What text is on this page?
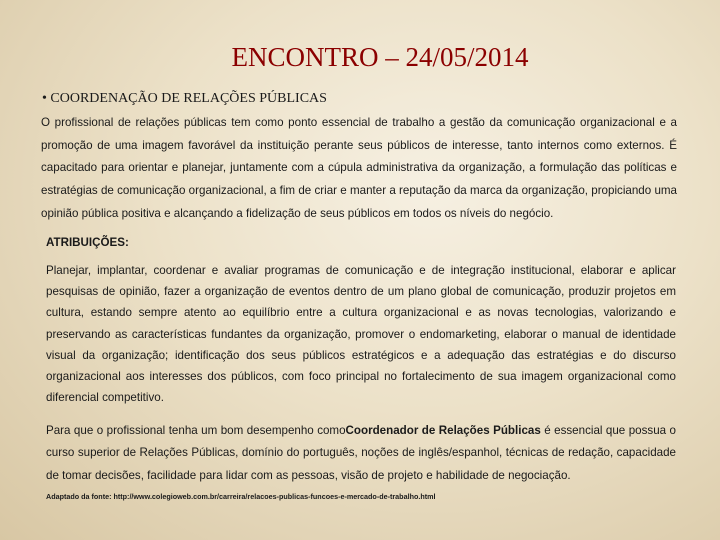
ENCONTRO – 24/05/2014

• COORDENAÇÃO DE RELAÇÕES PÚBLICAS

O profissional de relações públicas tem como ponto essencial de trabalho a gestão da comunicação organizacional e a promoção de uma imagem favorável da instituição perante seus públicos de interesse, tanto internos como externos. É capacitado para orientar e planejar, juntamente com a cúpula administrativa da organização, a formulação das políticas e estratégias de comunicação organizacional, a fim de criar e manter a reputação da marca da organização, propiciando uma opinião pública positiva e alcançando a fidelização de seus públicos em todos os níveis do negócio.

ATRIBUIÇÕES:

Planejar, implantar, coordenar e avaliar programas de comunicação e de integração institucional, elaborar e aplicar pesquisas de opinião, fazer a organização de eventos dentro de um plano global de comunicação, produzir projetos em cultura, estando sempre atento ao equilíbrio entre a cultura organizacional e as novas tecnologias, valorizando e preservando as características fundantes da organização, promover o endomarketing, elaborar o manual de identidade visual da organização; identificação dos seus públicos estratégicos e a adequação das estratégias e do discurso organizacional aos interesses dos públicos, com foco principal no fortalecimento de sua imagem organizacional como diferencial competitivo.

Para que o profissional tenha um bom desempenho comoCoordenador de Relações Públicas é essencial que possua o curso superior de Relações Públicas, domínio do português, noções de inglês/espanhol, técnicas de redação, capacidade de tomar decisões, facilidade para lidar com as pessoas, visão de projeto e habilidade de negociação.

Adaptado da fonte: http://www.colegioweb.com.br/carreira/relacoes-publicas-funcoes-e-mercado-de-trabalho.html
